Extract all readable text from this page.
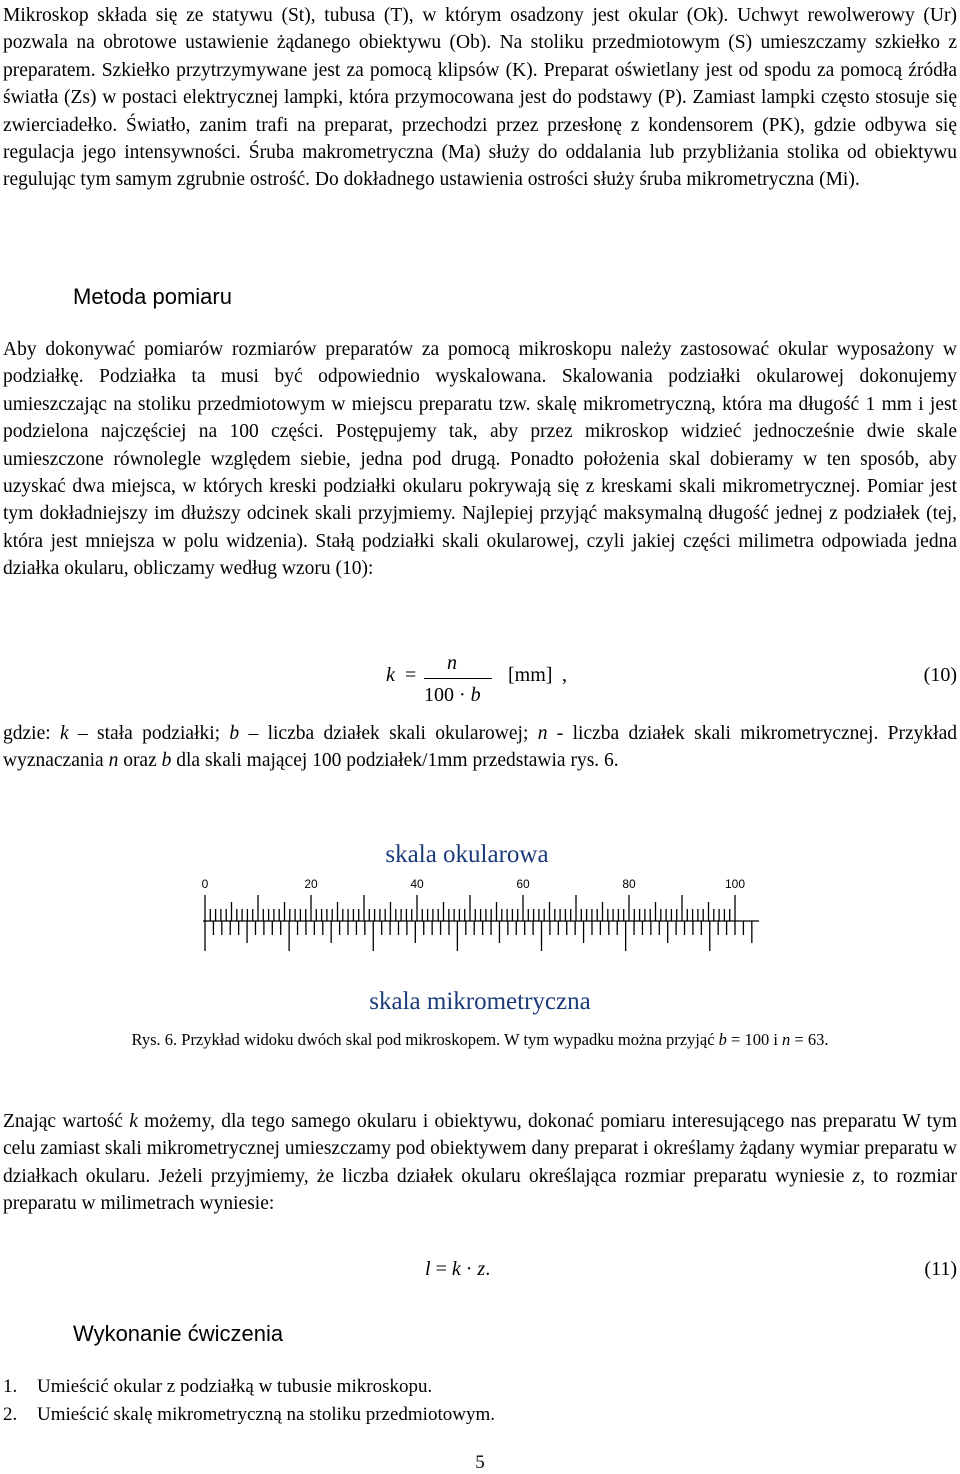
Mikroskop składa się ze statywu (St), tubusa (T), w którym osadzony jest okular (Ok). Uchwyt rewolwerowy (Ur) pozwala na obrotowe ustawienie żądanego obiektywu (Ob). Na stoliku przedmiotowym (S) umieszczamy szkiełko z preparatem. Szkiełko przytrzymywane jest za pomocą klipsów (K). Preparat oświetlany jest od spodu za pomocą źródła światła (Zs) w postaci elektrycznej lampki, która przymocowana jest do podstawy (P). Zamiast lampki często stosuje się zwierciadełko. Światło, zanim trafi na preparat, przechodzi przez przesłonę z kondensorem (PK), gdzie odbywa się regulacja jego intensywności. Śruba makrometryczna (Ma) służy do oddalania lub przybliżania stolika od obiektywu regulując tym samym zgrubnie ostrość. Do dokładnego ustawienia ostrości służy śruba mikrometryczna (Mi).

Metoda pomiaru

Aby dokonywać pomiarów rozmiarów preparatów za pomocą mikroskopu należy zastosować okular wyposażony w podziałkę. Podziałka ta musi być odpowiednio wyskalowana. Skalowania podziałki okularowej dokonujemy umieszczając na stoliku przedmiotowym w miejscu preparatu tzw. skalę mikrometryczną, która ma długość 1 mm i jest podzielona najczęściej na 100 części. Postępujemy tak, aby przez mikroskop widzieć jednocześnie dwie skale umieszczone równolegle względem siebie, jedna pod drugą. Ponadto położenia skal dobieramy w ten sposób, aby uzyskać dwa miejsca, w których kreski podziałki okularu pokrywają się z kreskami skali mikrometrycznej. Pomiar jest tym dokładniejszy im dłuższy odcinek skali przyjmiemy. Najlepiej przyjąć maksymalną długość jednej z podziałek (tej, która jest mniejsza w polu widzenia). Stałą podziałki skali okularowej, czyli jakiej części milimetra odpowiada jedna działka okularu, obliczamy według wzoru (10):

k =
n
100 · b
[mm] ,	(10)

gdzie: k – stała podziałki; b – liczba działek skali okularowej; n - liczba działek skali mikrometrycznej. Przykład wyznaczania n oraz b dla skali mającej 100 podziałek/1mm przedstawia rys. 6.

skala okularowa
0	20	40	60	80	100
skala mikrometryczna
Rys. 6. Przykład widoku dwóch skal pod mikroskopem. W tym wypadku można przyjąć b = 100 i n = 63.

Znając wartość k możemy, dla tego samego okularu i obiektywu, dokonać pomiaru interesującego nas preparatu W tym celu zamiast skali mikrometrycznej umieszczamy pod obiektywem dany preparat i określamy żądany wymiar preparatu w działkach okularu. Jeżeli przyjmiemy, że liczba działek okularu określająca rozmiar preparatu wyniesie z, to rozmiar preparatu w milimetrach wyniesie:

l = k · z.	(11)
Wykonanie ćwiczenia
1. Umieścić okular z podziałką w tubusie mikroskopu.
2. Umieścić skalę mikrometryczną na stoliku przedmiotowym.
5
